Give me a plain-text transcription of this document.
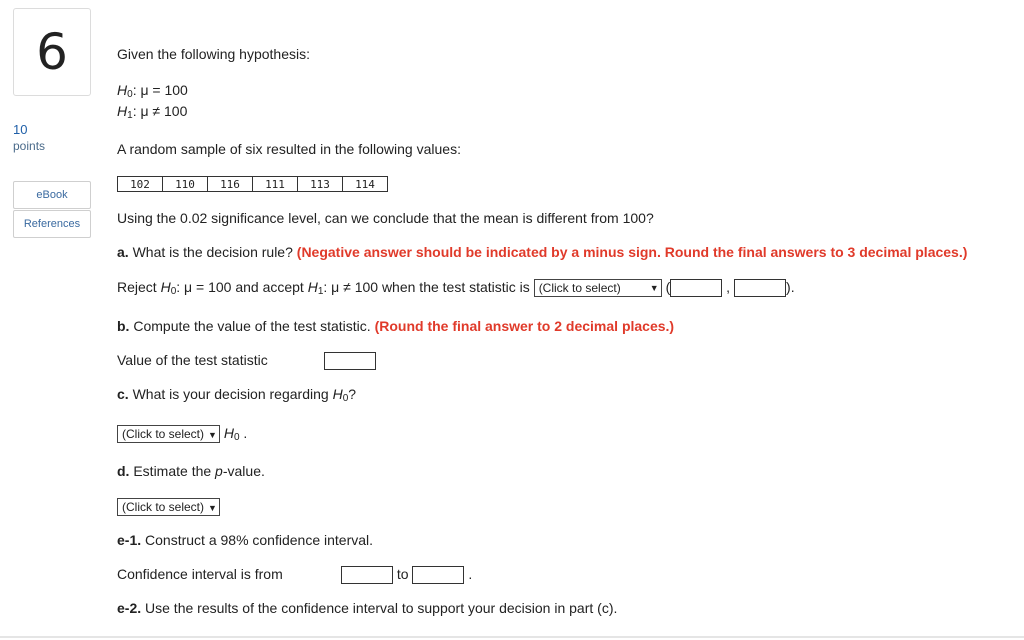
6
10
points
eBook
References
Given the following hypothesis:
$H_0$: μ = 100
$H_1$: μ ≠ 100
A random sample of six resulted in the following values:
102	110	116	111	113	114
Using the 0.02 significance level, can we conclude that the mean is different from 100?
a. What is the decision rule? (Negative answer should be indicated by a minus sign. Round the final answers to 3 decimal places.)
Reject $H_0$: μ = 100 and accept $H_1$: μ ≠ 100 when the test statistic is (Click to select)	▼ (	,	).
b. Compute the value of the test statistic. (Round the final answer to 2 decimal places.)
Value of the test statistic
c. What is your decision regarding $H_0$?
(Click to select) ▼ $H_0$ .
d. Estimate the p-value.
(Click to select) ▼
e-1. Construct a 98% confidence interval.
Confidence interval is from	to	.
e-2. Use the results of the confidence interval to support your decision in part (c).
